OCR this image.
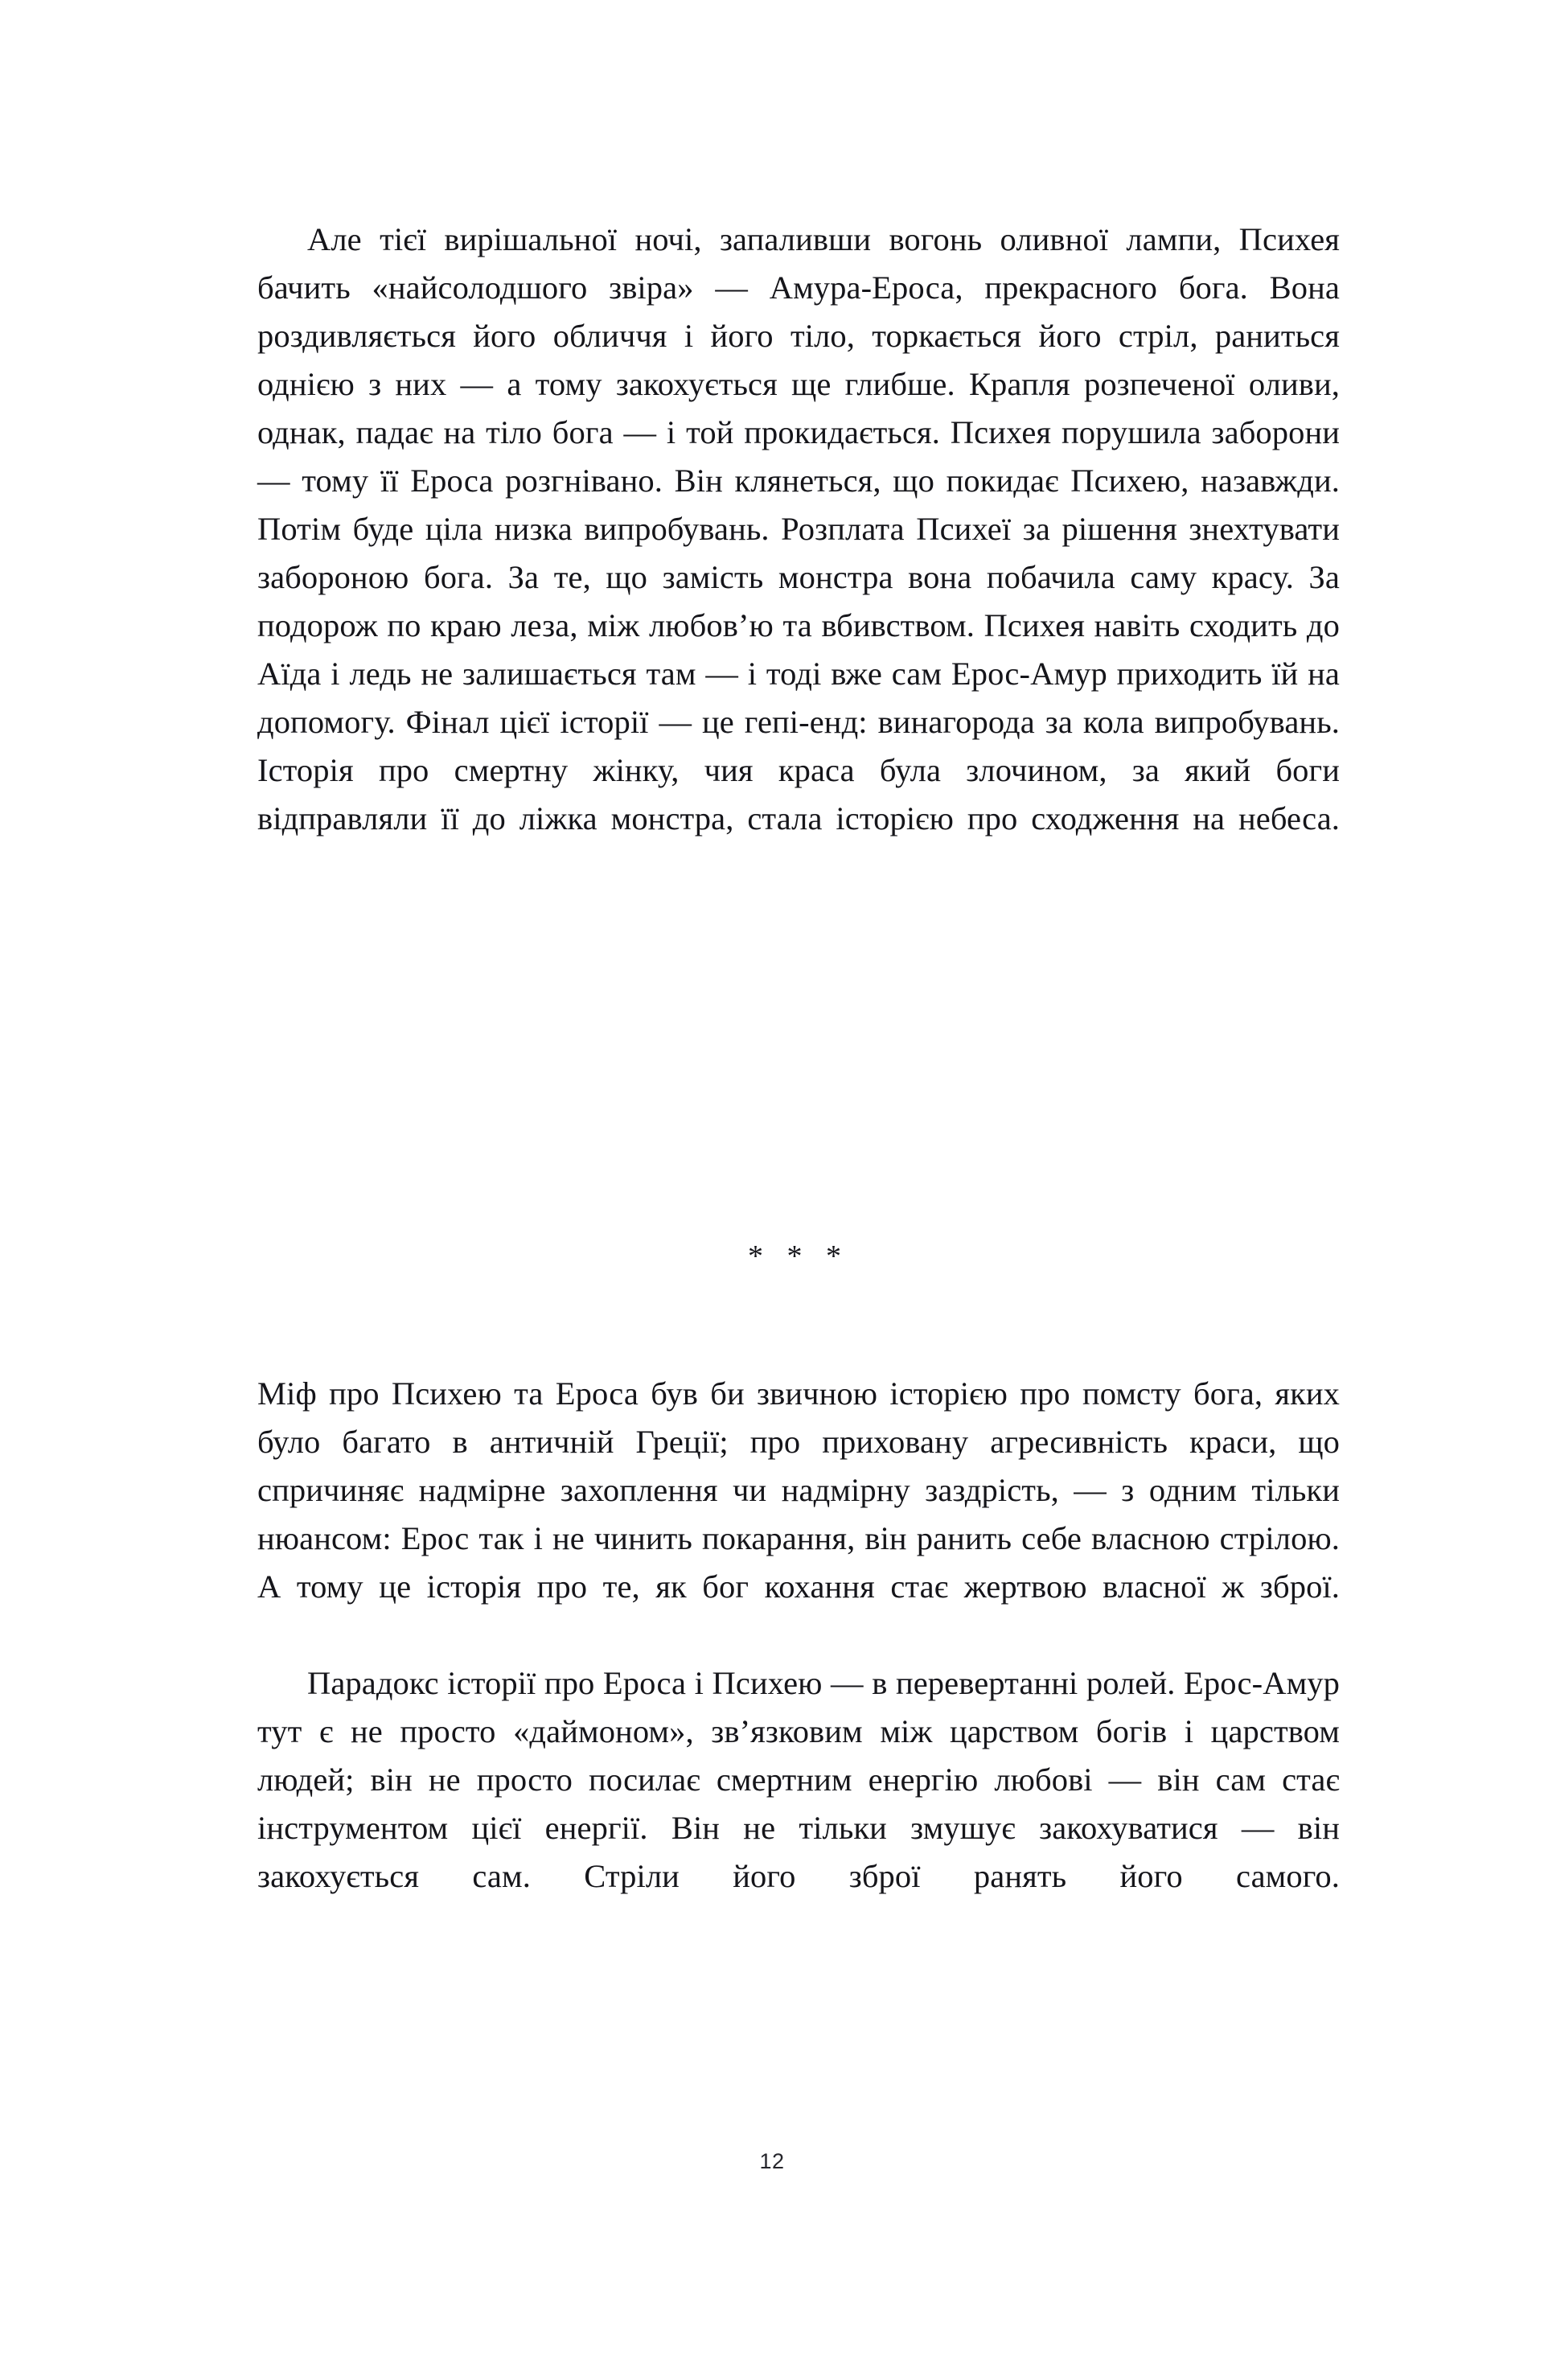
Але тієї вирішальної ночі, запаливши вогонь оливної лампи, Психея бачить «найсолодшого звіра» — Амура-Ероса, прекрасного бога. Вона роздивляється його обличчя і його тіло, торкається його стріл, раниться однією з них — а тому закохується ще глибше. Крапля розпеченої оливи, однак, падає на тіло бога — і той прокидається. Психея порушила заборони — тому її Ероса розгнівано. Він клянеться, що покидає Психею, назавжди. Потім буде ціла низка випробувань. Розплата Психеї за рішення знехтувати забороною бога. За те, що замість монстра вона побачила саму красу. За подорож по краю леза, між любов’ю та вбивством. Психея навіть сходить до Аїда і ледь не залишається там — і тоді вже сам Ерос-Амур приходить їй на допомогу. Фінал цієї історії — це гепі-енд: винагорода за кола випробувань. Історія про смертну жінку, чия краса була злочином, за який боги відправляли її до ліжка монстра, стала історією про сходження на небеса.

* * *

Міф про Психею та Ероса був би звичною історією про помсту бога, яких було багато в античній Греції; про приховану агресивність краси, що спричиняє надмірне захоплення чи надмірну заздрість, — з одним тільки нюансом: Ерос так і не чинить покарання, він ранить себе власною стрілою. А тому це історія про те, як бог кохання стає жертвою власної ж зброї.

Парадокс історії про Ероса і Психею — в перевертанні ролей. Ерос-Амур тут є не просто «даймоном», зв’язковим між царством богів і царством людей; він не просто посилає смертним енергію любові — він сам стає інструментом цієї енергії. Він не тільки змушує закохуватися — він закохується сам. Стріли його зброї ранять його самого.

12
